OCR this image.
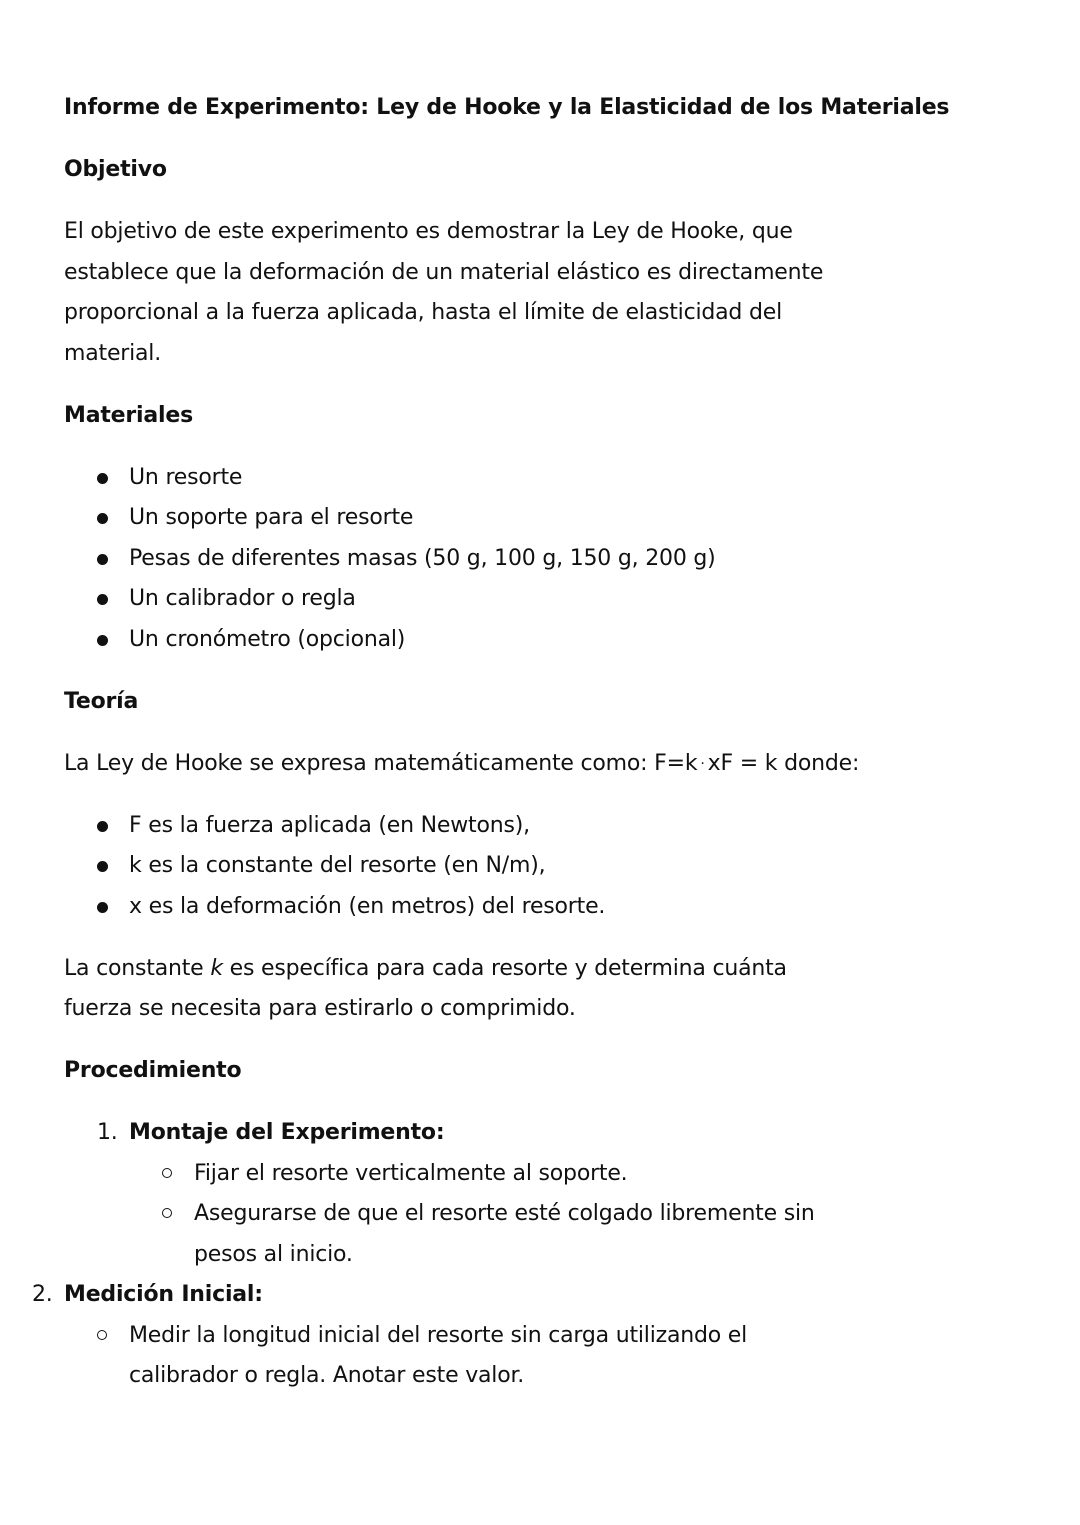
Informe de Experimento: Ley de Hooke y la Elasticidad de los Materiales
Objetivo
El objetivo de este experimento es demostrar la Ley de Hooke, que
establece que la deformación de un material elástico es directamente
proporcional a la fuerza aplicada, hasta el límite de elasticidad del
material.
Materiales
Un resorte
Un soporte para el resorte
Pesas de diferentes masas (50 g, 100 g, 150 g, 200 g)
Un calibrador o regla
Un cronómetro (opcional)
Teoría
La Ley de Hooke se expresa matemáticamente como: F=k · xF = k donde:
F es la fuerza aplicada (en Newtons),
k es la constante del resorte (en N/m),
x es la deformación (en metros) del resorte.
La constante k es específica para cada resorte y determina cuánta
fuerza se necesita para estirarlo o comprimido.
Procedimiento
1. Montaje del Experimento:
Fijar el resorte verticalmente al soporte.
Asegurarse de que el resorte esté colgado libremente sin
pesos al inicio.
2. Medición Inicial:
Medir la longitud inicial del resorte sin carga utilizando el
calibrador o regla. Anotar este valor.
